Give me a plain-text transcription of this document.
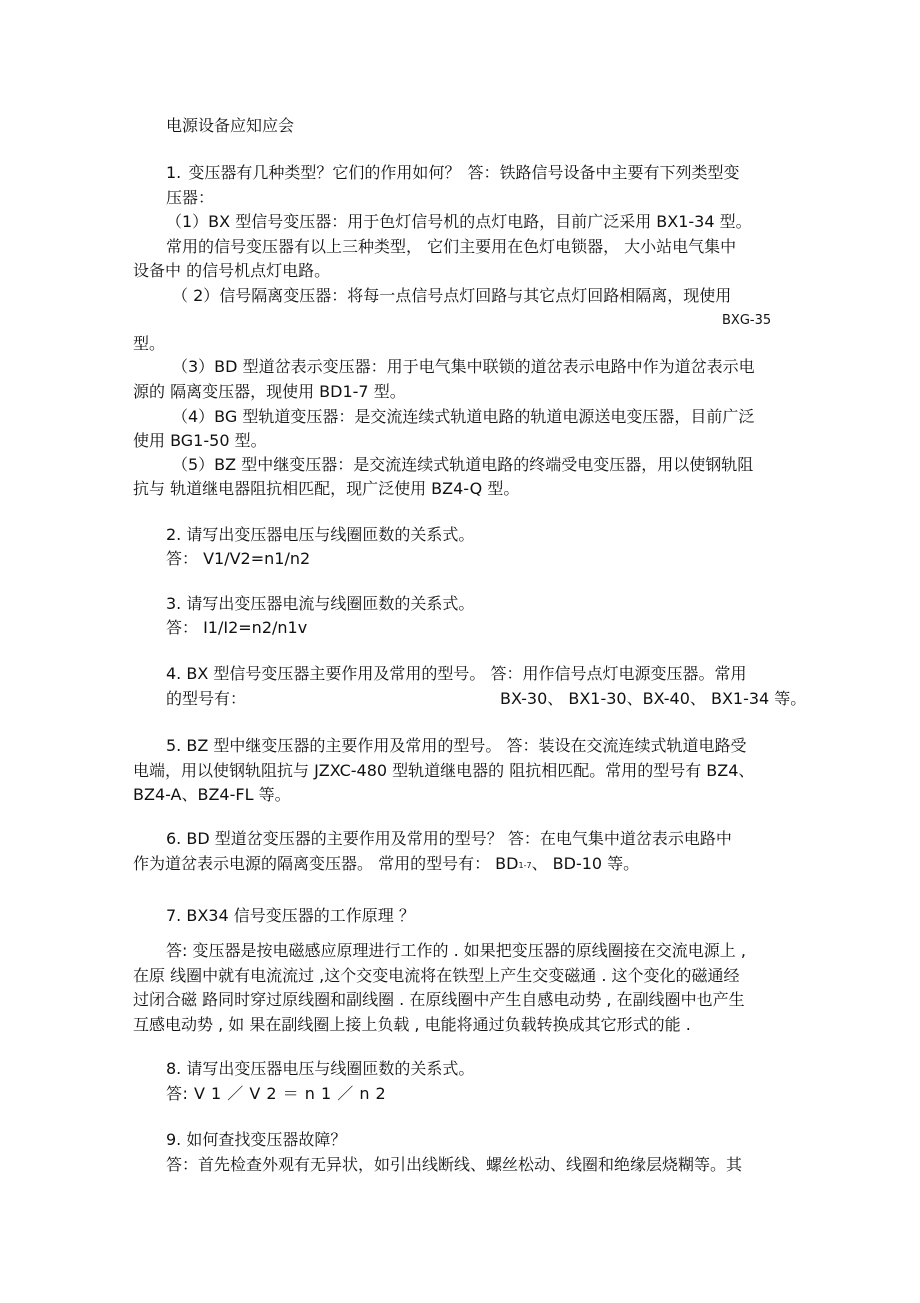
电源设备应知应会
1. 变压器有几种类型？它们的作用如何？ 答：铁路信号设备中主要有下列类型变
压器：
（1）BX 型信号变压器：用于色灯信号机的点灯电路，目前广泛采用 BX1-34 型。
常用的信号变压器有以上三种类型， 它们主要用在色灯电锁器， 大小站电气集中
设备中 的信号机点灯电路。
（ 2）信号隔离变压器：将每一点信号点灯回路与其它点灯回路相隔离，现使用
BXG-35
型。
（3）BD 型道岔表示变压器：用于电气集中联锁的道岔表示电路中作为道岔表示电
源的 隔离变压器，现使用 BD1-7 型。
（4）BG 型轨道变压器：是交流连续式轨道电路的轨道电源送电变压器，目前广泛
使用 BG1-50 型。
（5）BZ 型中继变压器：是交流连续式轨道电路的终端受电变压器，用以使钢轨阻
抗与 轨道继电器阻抗相匹配，现广泛使用 BZ4-Q 型。
2. 请写出变压器电压与线圈匝数的关系式。
答： V1/V2=n1/n2
3. 请写出变压器电流与线圈匝数的关系式。
答： I1/I2=n2/n1v
4. BX 型信号变压器主要作用及常用的型号。 答：用作信号点灯电源变压器。常用
的型号有：	BX-30、 BX1-30、BX-40、 BX1-34 等。
5. BZ 型中继变压器的主要作用及常用的型号。 答：装设在交流连续式轨道电路受
电端，用以使钢轨阻抗与 JZXC-480 型轨道继电器的 阻抗相匹配。常用的型号有 BZ4、
BZ4-A、BZ4-FL 等。
6. BD 型道岔变压器的主要作用及常用的型号？ 答：在电气集中道岔表示电路中
作为道岔表示电源的隔离变压器。 常用的型号有： BD1-7、 BD-10 等。
7. BX34 信号变压器的工作原理 ？
答: 变压器是按电磁感应原理进行工作的 . 如果把变压器的原线圈接在交流电源上 ,
在原 线圈中就有电流流过 ,这个交变电流将在铁型上产生交变磁通 . 这个变化的磁通经
过闭合磁 路同时穿过原线圈和副线圈 . 在原线圈中产生自感电动势 , 在副线圈中也产生
互感电动势 , 如 果在副线圈上接上负载 , 电能将通过负载转换成其它形式的能 .
8. 请写出变压器电压与线圈匝数的关系式。
答: V 1 ／ V 2 ＝ n 1 ／ n 2
9. 如何查找变压器故障？
答：首先检查外观有无异状，如引出线断线、螺丝松动、线圈和绝缘层烧糊等。其
